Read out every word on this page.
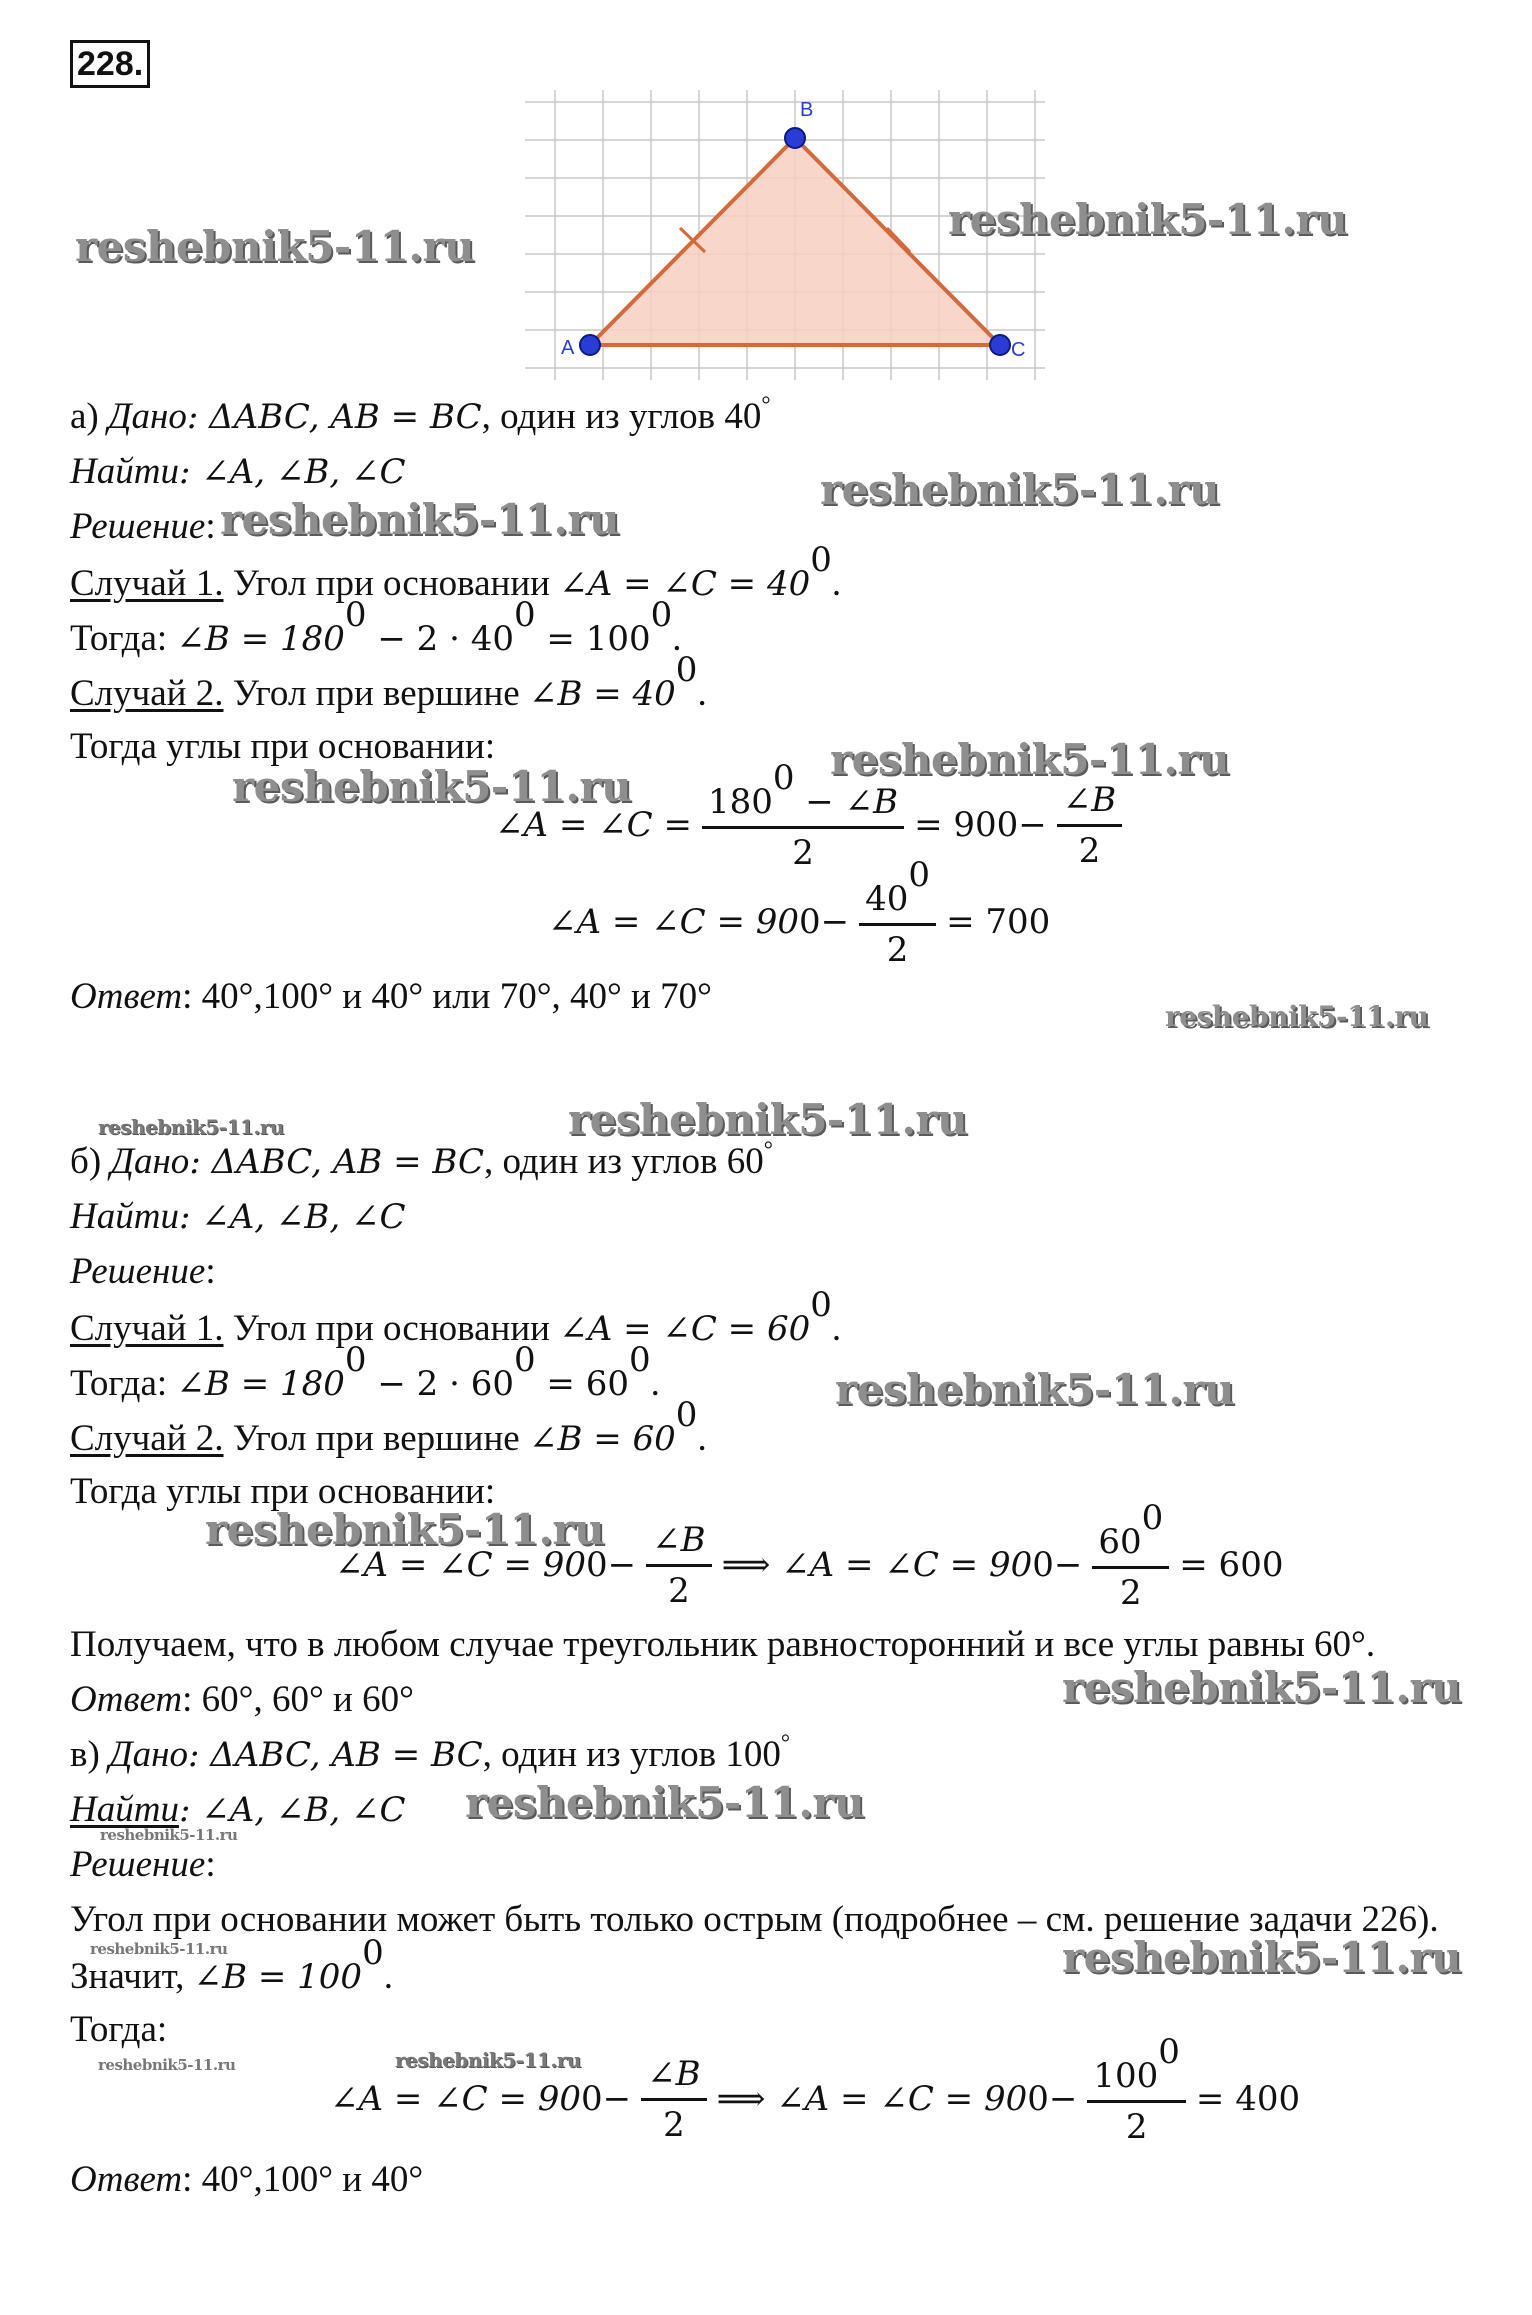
228.
A
B
C
а) Дано: ΔABC, AB = BC, один из углов 40°
Найти: ∠A, ∠B, ∠C
Решение:
Случай 1. Угол при основании ∠A = ∠C = $40^0$.
Тогда: ∠B = $180^0 - 2 \cdot 40^0 = 100^0$.
Случай 2. Угол при вершине ∠B = $40^0$.
Тогда углы при основании:
∠A = ∠C = $\frac{180^0 - \angle B}{2} = 90$ $0 - \frac{\angle B}{2}$
∠A = ∠C = 90 $0 - \frac{40^0}{2} = 70$ 0
Ответ: 40°,100° и 40° или 70°, 40° и 70°
б) Дано: ΔABC, AB = BC, один из углов 60°
Найти: ∠A, ∠B, ∠C
Решение:
Случай 1. Угол при основании ∠A = ∠C = $60^0$.
Тогда: ∠B = $180^0 - 2 \cdot 60^0 = 60^0$.
Случай 2. Угол при вершине ∠B = $60^0$.
Тогда углы при основании:
∠A = ∠C = 90 $0 - \frac{\angle B}{2}$ ⟹ ∠A = ∠C = 90 $0 - \frac{60^0}{2} = 60$ 0
Получаем, что в любом случае треугольник равносторонний и все углы равны 60°.
Ответ: 60°, 60° и 60°
в) Дано: ΔABC, AB = BC, один из углов 100°
Найти: ∠A, ∠B, ∠C
Решение:
Угол при основании может быть только острым (подробнее – см. решение задачи 226).
Значит, ∠B = $100^0$.
Тогда:
∠A = ∠C = 90 $0 - \frac{\angle B}{2}$ ⟹ ∠A = ∠C = 90 $0 - \frac{100^0}{2} = 40$ 0
Ответ: 40°,100° и 40°
reshebnik5-11.ru
reshebnik5-11.ru
reshebnik5-11.ru
reshebnik5-11.ru
reshebnik5-11.ru
reshebnik5-11.ru
reshebnik5-11.ru
reshebnik5-11.ru	reshebnik5-11.ru
reshebnik5-11.ru
reshebnik5-11.ru
reshebnik5-11.ru
reshebnik5-11.ru
reshebnik5-11.ru
reshebnik5-11.ru	reshebnik5-11.ru
reshebnik5-11.ru	reshebnik5-11.ru
